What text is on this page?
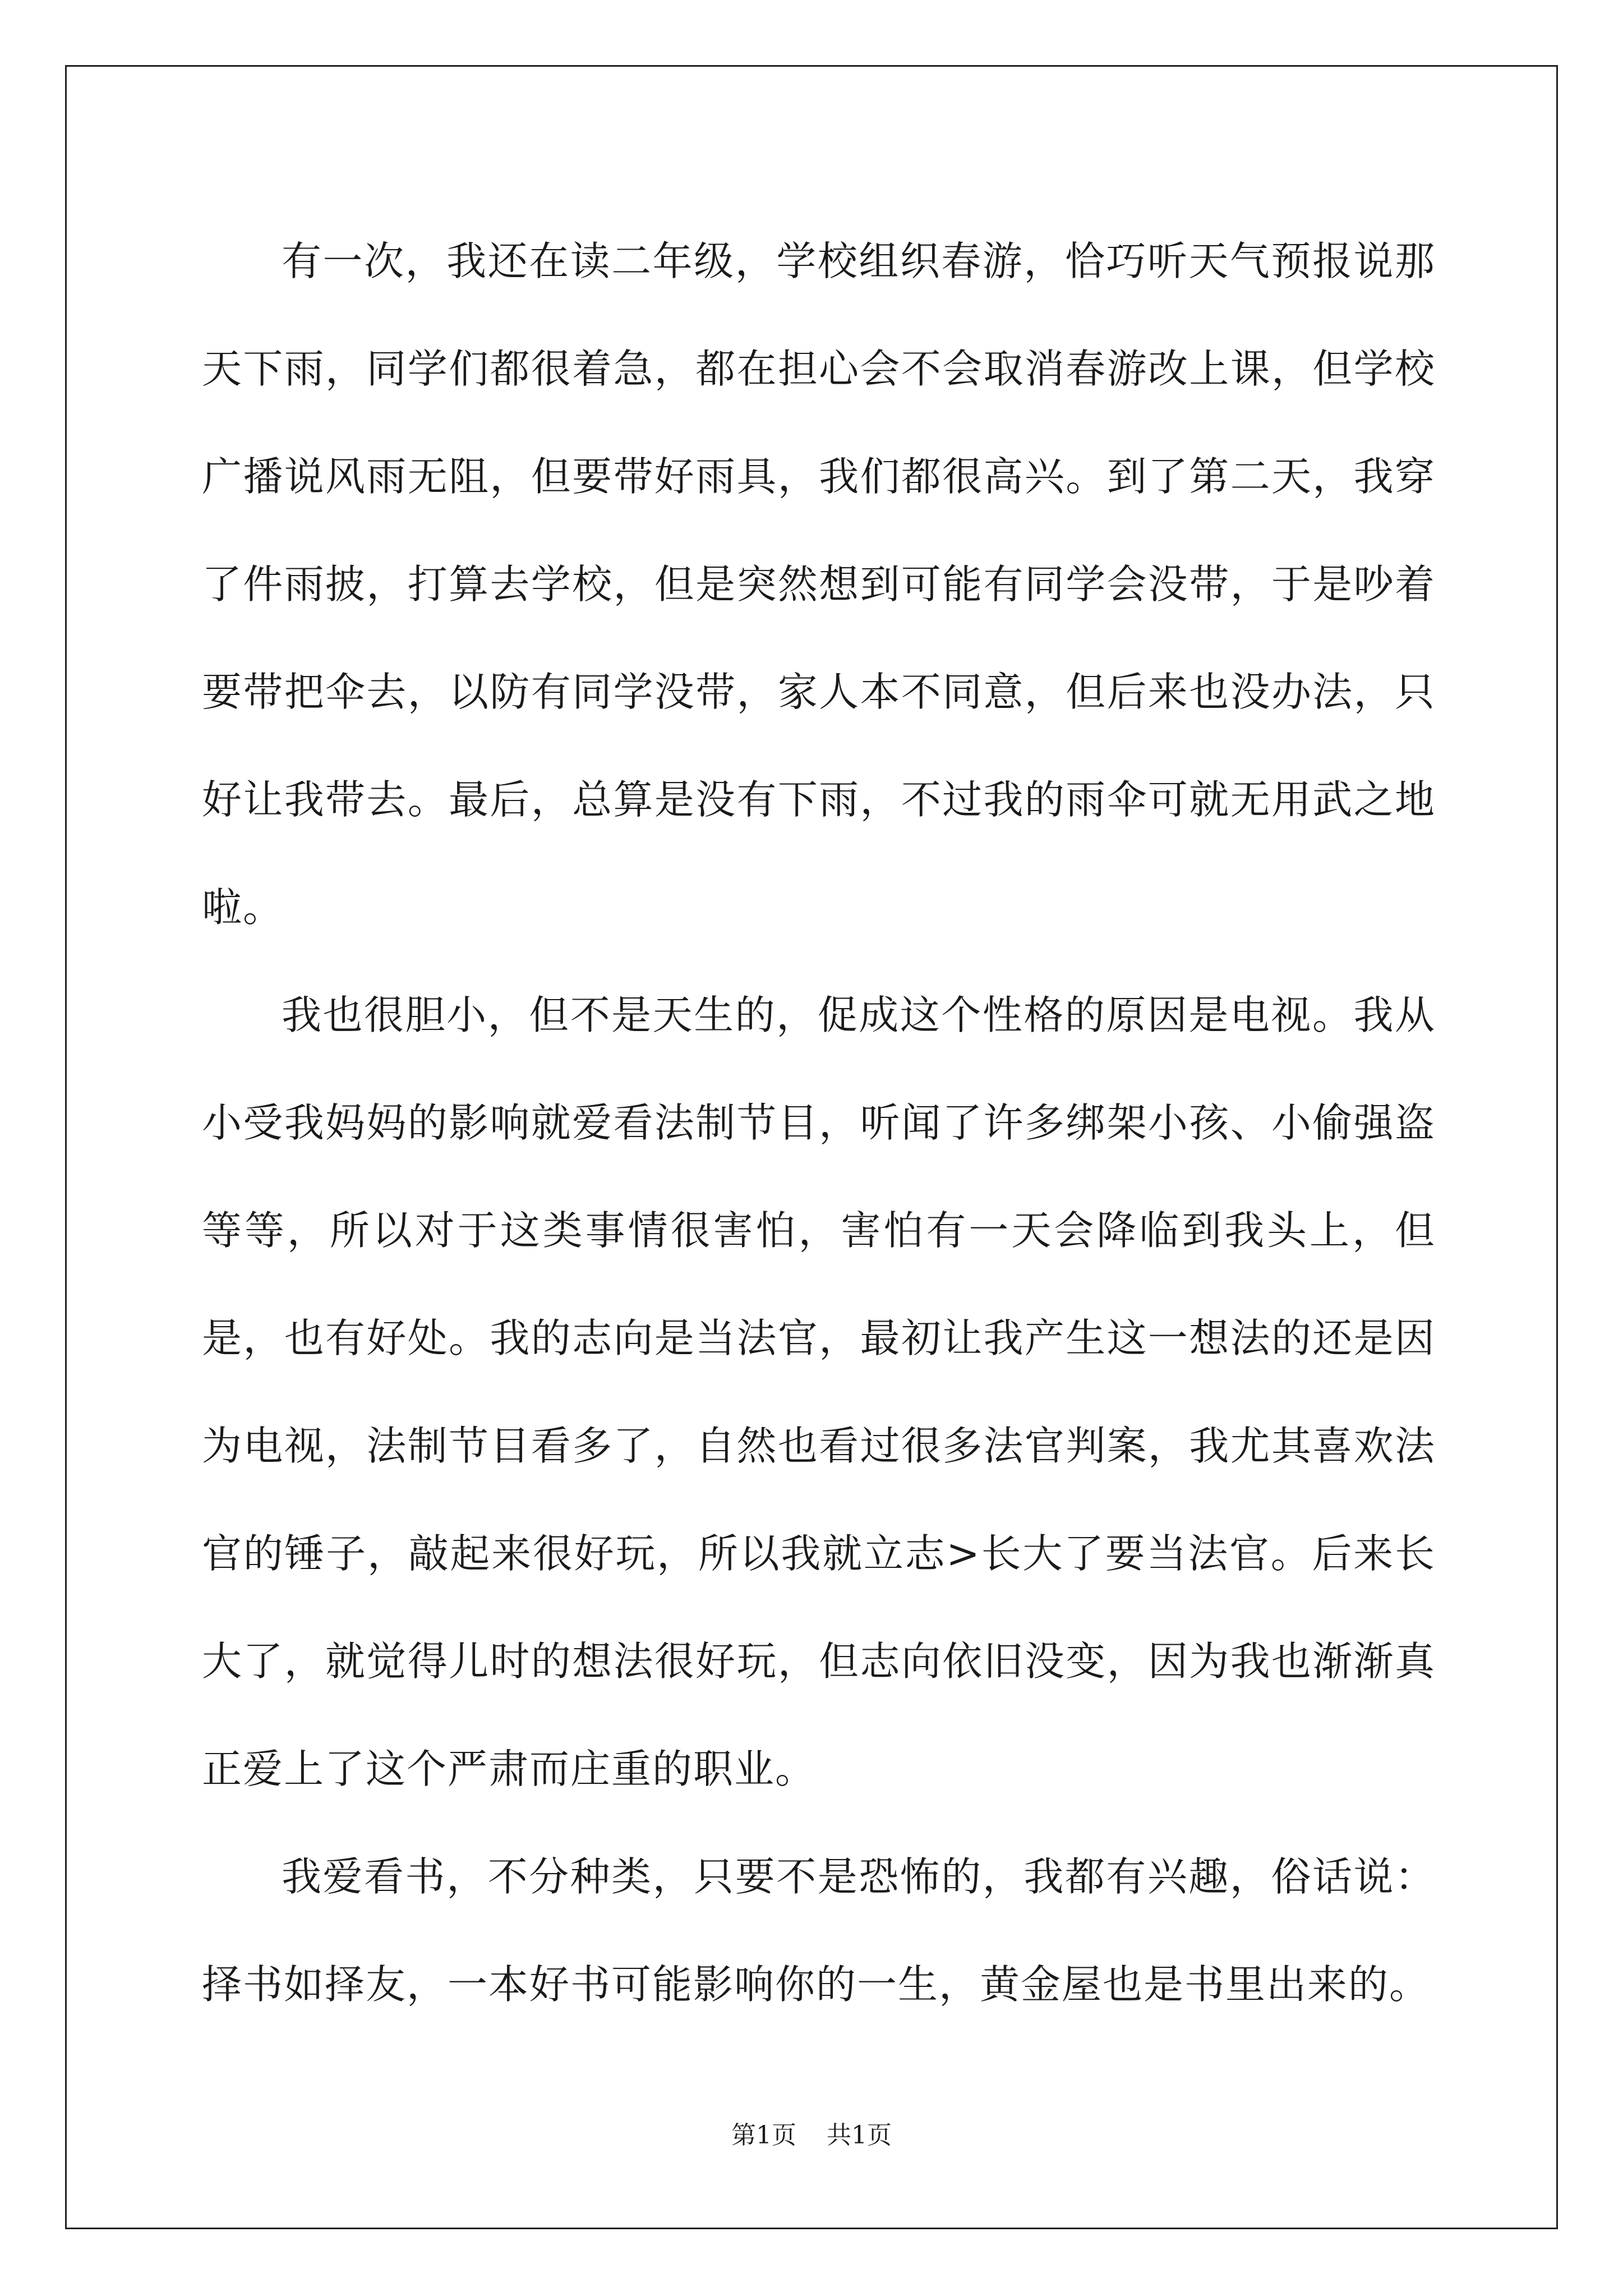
有一次，我还在读二年级，学校组织春游，恰巧听天气预报说那天下雨，同学们都很着急，都在担心会不会取消春游改上课，但学校广播说风雨无阻，但要带好雨具，我们都很高兴。到了第二天，我穿了件雨披，打算去学校，但是突然想到可能有同学会没带，于是吵着要带把伞去，以防有同学没带，家人本不同意，但后来也没办法，只好让我带去。最后，总算是没有下雨，不过我的雨伞可就无用武之地啦。

我也很胆小，但不是天生的，促成这个性格的原因是电视。我从小受我妈妈的影响就爱看法制节目，听闻了许多绑架小孩、小偷强盗等等，所以对于这类事情很害怕，害怕有一天会降临到我头上，但是，也有好处。我的志向是当法官，最初让我产生这一想法的还是因为电视，法制节目看多了，自然也看过很多法官判案，我尤其喜欢法官的锤子，敲起来很好玩，所以我就立志>长大了要当法官。后来长大了，就觉得儿时的想法很好玩，但志向依旧没变，因为我也渐渐真正爱上了这个严肃而庄重的职业。

我爱看书，不分种类，只要不是恐怖的，我都有兴趣，俗话说：择书如择友，一本好书可能影响你的一生，黄金屋也是书里出来的。

第1页 共1页
